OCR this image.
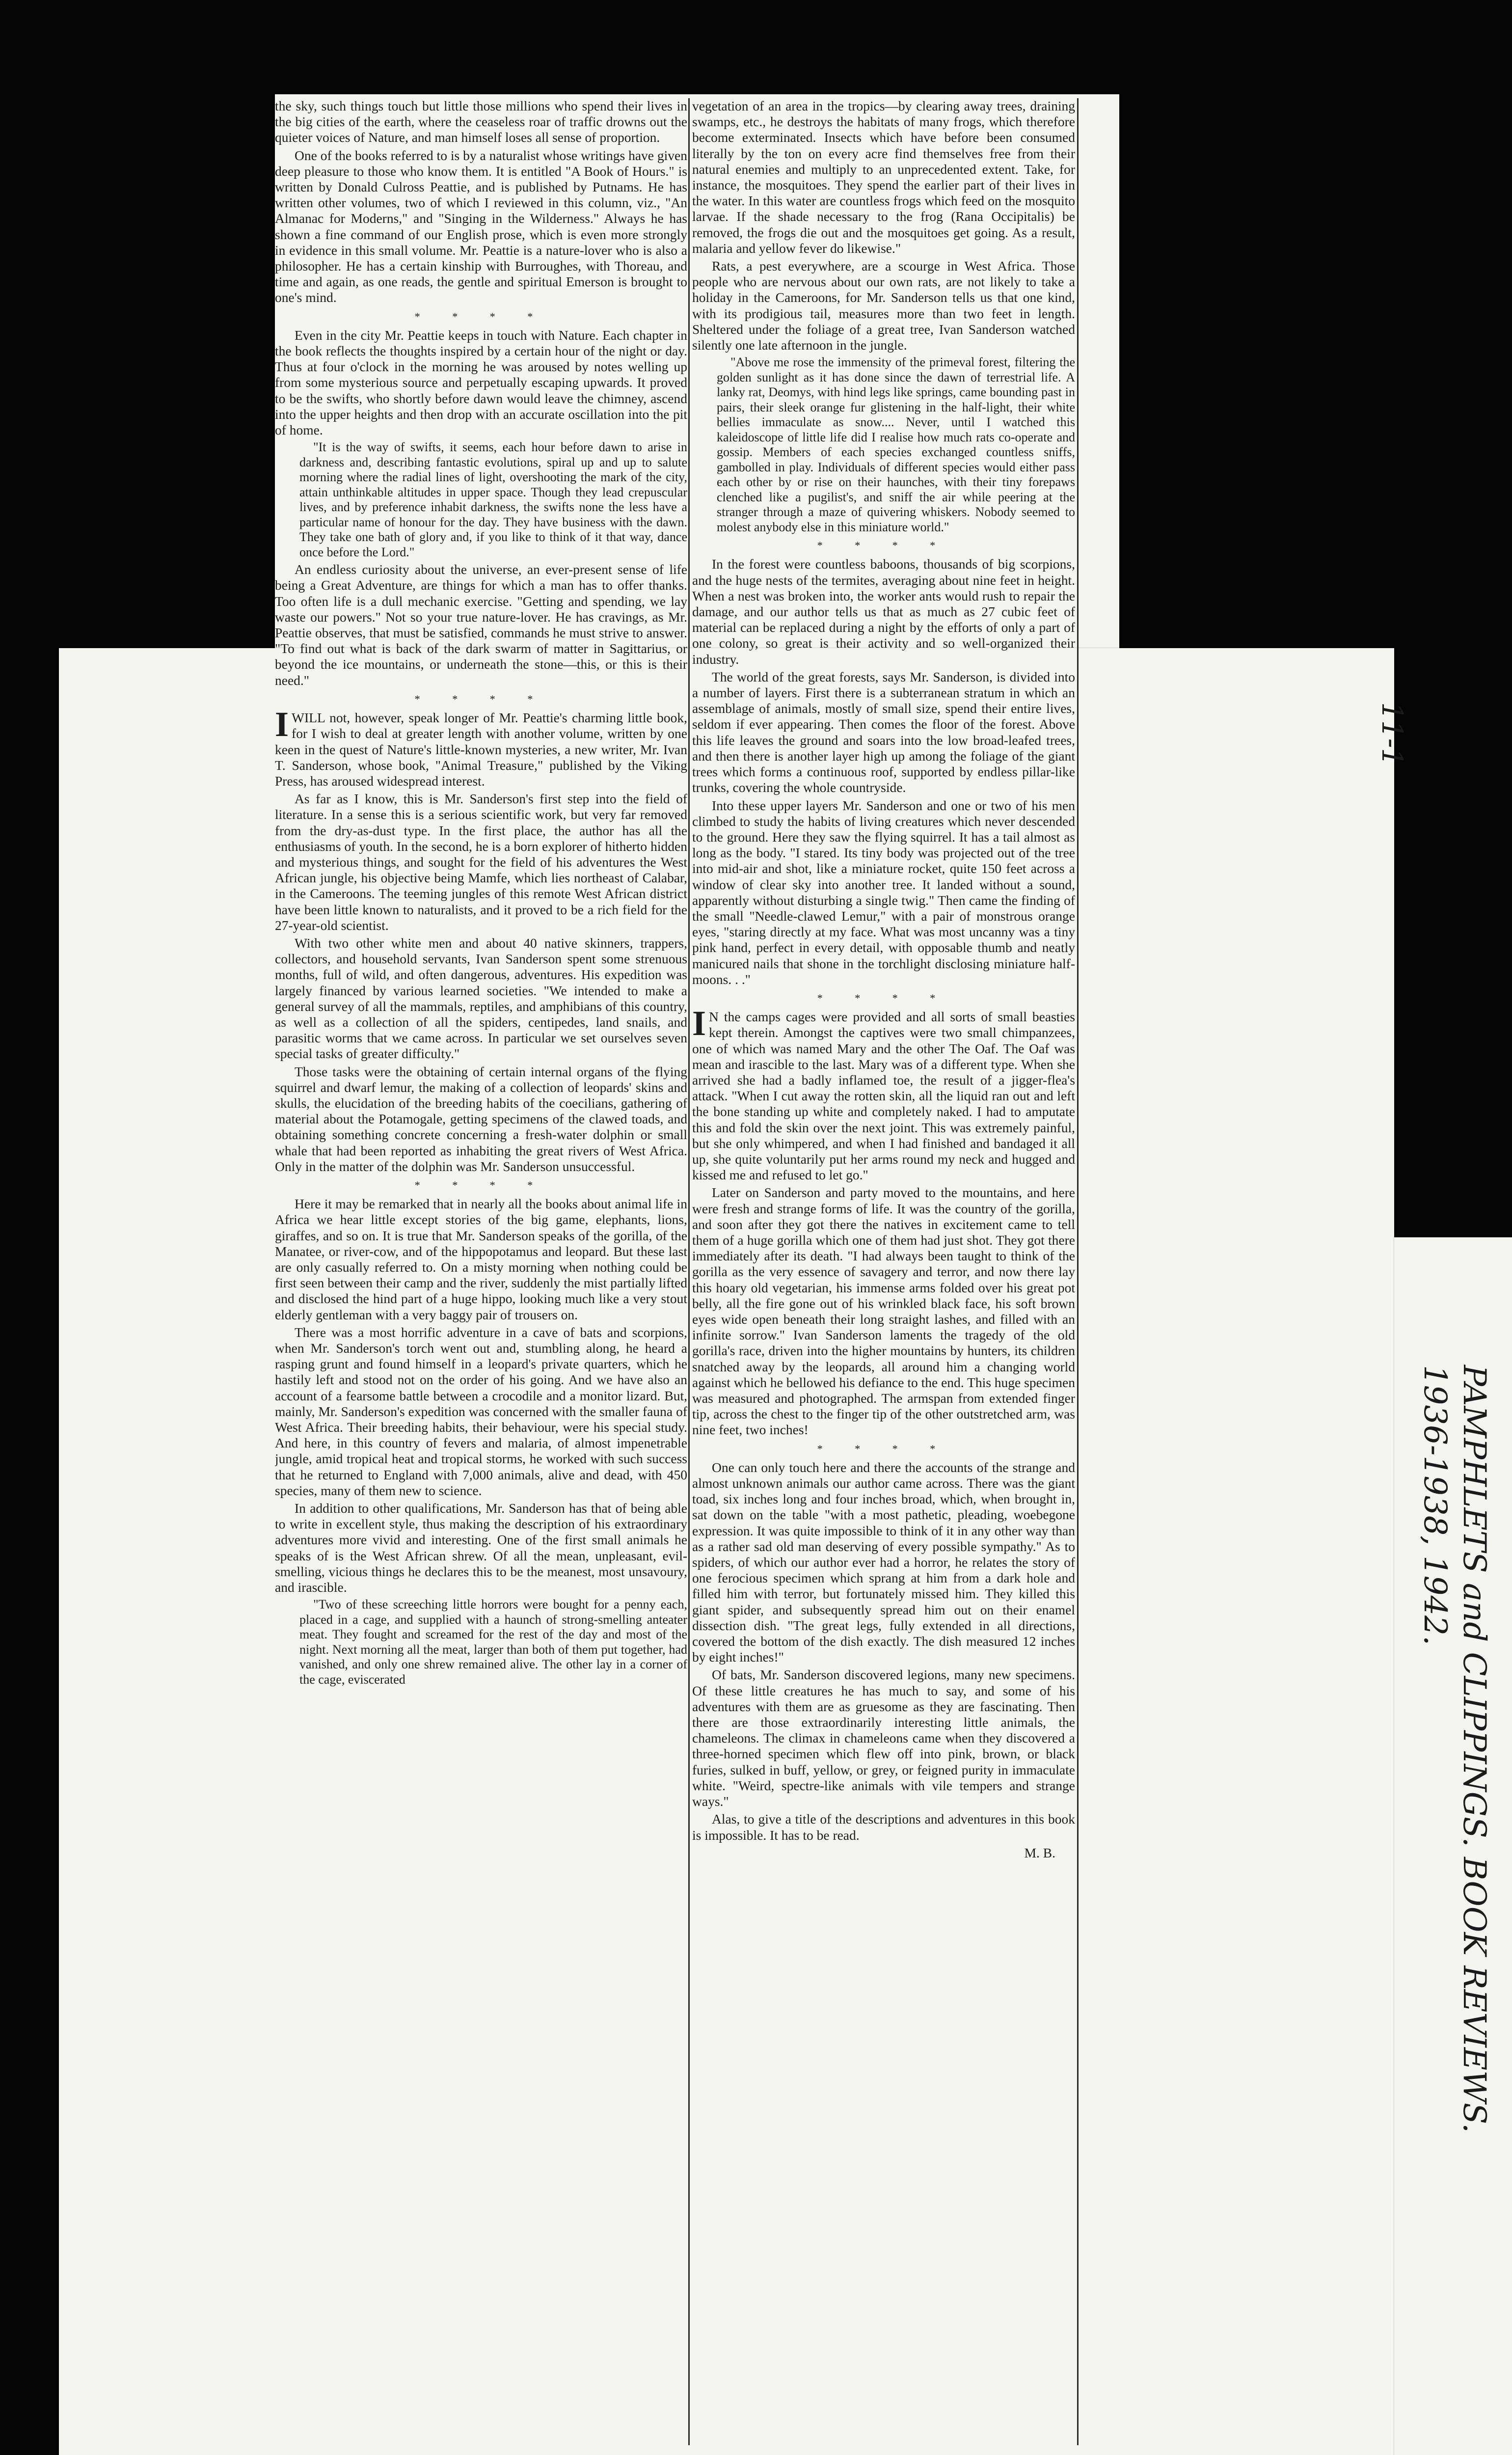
the sky, such things touch but little those millions who spend their lives in the big cities of the earth, where the ceaseless roar of traffic drowns out the quieter voices of Nature, and man himself loses all sense of proportion.

One of the books referred to is by a naturalist whose writings have given deep pleasure to those who know them. It is entitled "A Book of Hours." is written by Donald Culross Peattie, and is published by Putnams. He has written other volumes, two of which I reviewed in this column, viz., "An Almanac for Moderns," and "Singing in the Wilderness." Always he has shown a fine command of our English prose, which is even more strongly in evidence in this small volume. Mr. Peattie is a nature-lover who is also a philosopher. He has a certain kinship with Burroughes, with Thoreau, and time and again, as one reads, the gentle and spiritual Emerson is brought to one's mind.

* * * *

Even in the city Mr. Peattie keeps in touch with Nature. Each chapter in the book reflects the thoughts inspired by a certain hour of the night or day. Thus at four o'clock in the morning he was aroused by notes welling up from some mysterious source and perpetually escaping upwards. It proved to be the swifts, who shortly before dawn would leave the chimney, ascend into the upper heights and then drop with an accurate oscillation into the pit of home.

"It is the way of swifts, it seems, each hour before dawn to arise in darkness and, describing fantastic evolutions, spiral up and up to salute morning where the radial lines of light, overshooting the mark of the city, attain unthinkable altitudes in upper space. Though they lead crepuscular lives, and by preference inhabit darkness, the swifts none the less have a particular name of honour for the day. They have business with the dawn. They take one bath of glory and, if you like to think of it that way, dance once before the Lord."

An endless curiosity about the universe, an ever-present sense of life being a Great Adventure, are things for which a man has to offer thanks. Too often life is a dull mechanic exercise. "Getting and spending, we lay waste our powers." Not so your true nature-lover. He has cravings, as Mr. Peattie observes, that must be satisfied, commands he must strive to answer. "To find out what is back of the dark swarm of matter in Sagittarius, or beyond the ice mountains, or underneath the stone—this, or this is their need."

* * * *

IWILL not, however, speak longer of Mr. Peattie's charming little book, for I wish to deal at greater length with another volume, written by one keen in the quest of Nature's little-known mysteries, a new writer, Mr. Ivan T. Sanderson, whose book, "Animal Treasure," published by the Viking Press, has aroused widespread interest.

As far as I know, this is Mr. Sanderson's first step into the field of literature. In a sense this is a serious scientific work, but very far removed from the dry-as-dust type. In the first place, the author has all the enthusiasms of youth. In the second, he is a born explorer of hitherto hidden and mysterious things, and sought for the field of his adventures the West African jungle, his objective being Mamfe, which lies northeast of Calabar, in the Cameroons. The teeming jungles of this remote West African district have been little known to naturalists, and it proved to be a rich field for the 27-year-old scientist.

With two other white men and about 40 native skinners, trappers, collectors, and household servants, Ivan Sanderson spent some strenuous months, full of wild, and often dangerous, adventures. His expedition was largely financed by various learned societies. "We intended to make a general survey of all the mammals, reptiles, and amphibians of this country, as well as a collection of all the spiders, centipedes, land snails, and parasitic worms that we came across. In particular we set ourselves seven special tasks of greater difficulty."

Those tasks were the obtaining of certain internal organs of the flying squirrel and dwarf lemur, the making of a collection of leopards' skins and skulls, the elucidation of the breeding habits of the coecilians, gathering of material about the Potamogale, getting specimens of the clawed toads, and obtaining something concrete concerning a fresh-water dolphin or small whale that had been reported as inhabiting the great rivers of West Africa. Only in the matter of the dolphin was Mr. Sanderson unsuccessful.

* * * *

Here it may be remarked that in nearly all the books about animal life in Africa we hear little except stories of the big game, elephants, lions, giraffes, and so on. It is true that Mr. Sanderson speaks of the gorilla, of the Manatee, or river-cow, and of the hippopotamus and leopard. But these last are only casually referred to. On a misty morning when nothing could be first seen between their camp and the river, suddenly the mist partially lifted and disclosed the hind part of a huge hippo, looking much like a very stout elderly gentleman with a very baggy pair of trousers on.

There was a most horrific adventure in a cave of bats and scorpions, when Mr. Sanderson's torch went out and, stumbling along, he heard a rasping grunt and found himself in a leopard's private quarters, which he hastily left and stood not on the order of his going. And we have also an account of a fearsome battle between a crocodile and a monitor lizard. But, mainly, Mr. Sanderson's expedition was concerned with the smaller fauna of West Africa. Their breeding habits, their behaviour, were his special study. And here, in this country of fevers and malaria, of almost impenetrable jungle, amid tropical heat and tropical storms, he worked with such success that he returned to England with 7,000 animals, alive and dead, with 450 species, many of them new to science.

In addition to other qualifications, Mr. Sanderson has that of being able to write in excellent style, thus making the description of his extraordinary adventures more vivid and interesting. One of the first small animals he speaks of is the West African shrew. Of all the mean, unpleasant, evil-smelling, vicious things he declares this to be the meanest, most unsavoury, and irascible.

"Two of these screeching little horrors were bought for a penny each, placed in a cage, and supplied with a haunch of strong-smelling anteater meat. They fought and screamed for the rest of the day and most of the night. Next morning all the meat, larger than both of them put together, had vanished, and only one shrew remained alive. The other lay in a corner of the cage, eviscerated

vegetation of an area in the tropics—by clearing away trees, draining swamps, etc., he destroys the habitats of many frogs, which therefore become exterminated. Insects which have before been consumed literally by the ton on every acre find themselves free from their natural enemies and multiply to an unprecedented extent. Take, for instance, the mosquitoes. They spend the earlier part of their lives in the water. In this water are countless frogs which feed on the mosquito larvae. If the shade necessary to the frog (Rana Occipitalis) be removed, the frogs die out and the mosquitoes get going. As a result, malaria and yellow fever do likewise."

Rats, a pest everywhere, are a scourge in West Africa. Those people who are nervous about our own rats, are not likely to take a holiday in the Cameroons, for Mr. Sanderson tells us that one kind, with its prodigious tail, measures more than two feet in length. Sheltered under the foliage of a great tree, Ivan Sanderson watched silently one late afternoon in the jungle.

"Above me rose the immensity of the primeval forest, filtering the golden sunlight as it has done since the dawn of terrestrial life. A lanky rat, Deomys, with hind legs like springs, came bounding past in pairs, their sleek orange fur glistening in the half-light, their white bellies immaculate as snow.... Never, until I watched this kaleidoscope of little life did I realise how much rats co-operate and gossip. Members of each species exchanged countless sniffs, gambolled in play. Individuals of different species would either pass each other by or rise on their haunches, with their tiny forepaws clenched like a pugilist's, and sniff the air while peering at the stranger through a maze of quivering whiskers. Nobody seemed to molest anybody else in this miniature world."

* * * *

In the forest were countless baboons, thousands of big scorpions, and the huge nests of the termites, averaging about nine feet in height. When a nest was broken into, the worker ants would rush to repair the damage, and our author tells us that as much as 27 cubic feet of material can be replaced during a night by the efforts of only a part of one colony, so great is their activity and so well-organized their industry.

The world of the great forests, says Mr. Sanderson, is divided into a number of layers. First there is a subterranean stratum in which an assemblage of animals, mostly of small size, spend their entire lives, seldom if ever appearing. Then comes the floor of the forest. Above this life leaves the ground and soars into the low broad-leafed trees, and then there is another layer high up among the foliage of the giant trees which forms a continuous roof, supported by endless pillar-like trunks, covering the whole countryside.

Into these upper layers Mr. Sanderson and one or two of his men climbed to study the habits of living creatures which never descended to the ground. Here they saw the flying squirrel. It has a tail almost as long as the body. "I stared. Its tiny body was projected out of the tree into mid-air and shot, like a miniature rocket, quite 150 feet across a window of clear sky into another tree. It landed without a sound, apparently without disturbing a single twig." Then came the finding of the small "Needle-clawed Lemur," with a pair of monstrous orange eyes, "staring directly at my face. What was most uncanny was a tiny pink hand, perfect in every detail, with opposable thumb and neatly manicured nails that shone in the torchlight disclosing miniature half-moons. . ."

* * * *

I N the camps cages were provided and all sorts of small beasties kept therein. Amongst the captives were two small chimpanzees, one of which was named Mary and the other The Oaf. The Oaf was mean and irascible to the last. Mary was of a different type. When she arrived she had a badly inflamed toe, the result of a jigger-flea's attack. "When I cut away the rotten skin, all the liquid ran out and left the bone standing up white and completely naked. I had to amputate this and fold the skin over the next joint. This was extremely painful, but she only whimpered, and when I had finished and bandaged it all up, she quite voluntarily put her arms round my neck and hugged and kissed me and refused to let go."

Later on Sanderson and party moved to the mountains, and here were fresh and strange forms of life. It was the country of the gorilla, and soon after they got there the natives in excitement came to tell them of a huge gorilla which one of them had just shot. They got there immediately after its death. "I had always been taught to think of the gorilla as the very essence of savagery and terror, and now there lay this hoary old vegetarian, his immense arms folded over his great pot belly, all the fire gone out of his wrinkled black face, his soft brown eyes wide open beneath their long straight lashes, and filled with an infinite sorrow." Ivan Sanderson laments the tragedy of the old gorilla's race, driven into the higher mountains by hunters, its children snatched away by the leopards, all around him a changing world against which he bellowed his defiance to the end. This huge specimen was measured and photographed. The armspan from extended finger tip, across the chest to the finger tip of the other outstretched arm, was nine feet, two inches!

* * * *

One can only touch here and there the accounts of the strange and almost unknown animals our author came across. There was the giant toad, six inches long and four inches broad, which, when brought in, sat down on the table "with a most pathetic, pleading, woebegone expression. It was quite impossible to think of it in any other way than as a rather sad old man deserving of every possible sympathy." As to spiders, of which our author ever had a horror, he relates the story of one ferocious specimen which sprang at him from a dark hole and filled him with terror, but fortunately missed him. They killed this giant spider, and subsequently spread him out on their enamel dissection dish. "The great legs, fully extended in all directions, covered the bottom of the dish exactly. The dish measured 12 inches by eight inches!"

Of bats, Mr. Sanderson discovered legions, many new specimens. Of these little creatures he has much to say, and some of his adventures with them are as gruesome as they are fascinating. Then there are those extraordinarily interesting little animals, the chameleons. The climax in chameleons came when they discovered a three-horned specimen which flew off into pink, brown, or black furies, sulked in buff, yellow, or grey, or feigned purity in immaculate white. "Weird, spectre-like animals with vile tempers and strange ways."

Alas, to give a title of the descriptions and adventures in this book is impossible. It has to be read.

M. B.

11-1
PAMPHLETS and CLIPPINGS. BOOK REVIEWS.
1936-1938, 1942.
